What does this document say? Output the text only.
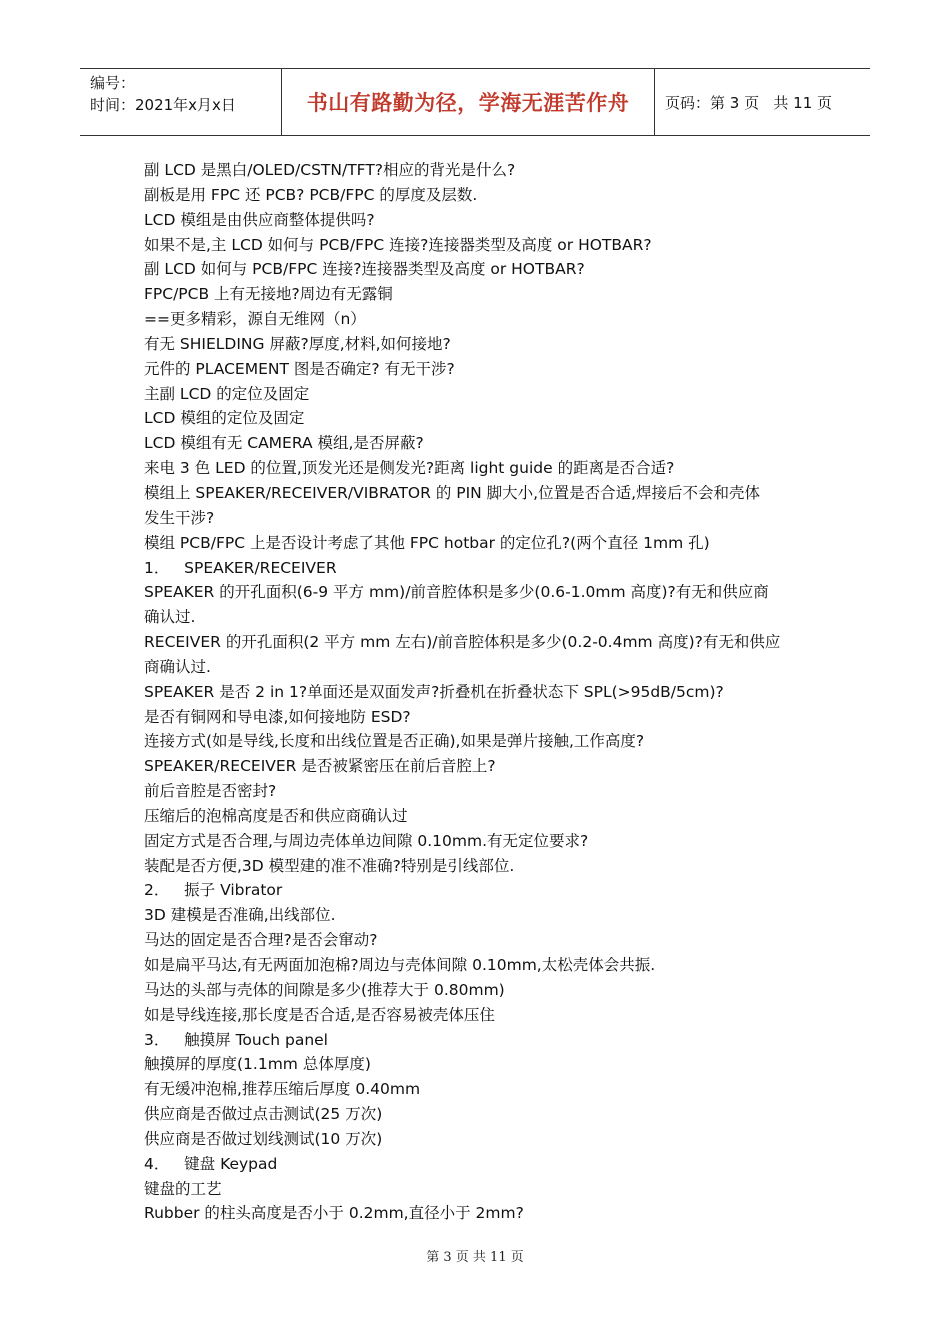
编号：
时间：2021年x月x日	书山有路勤为径，学海无涯苦作舟	页码：第 3 页   共 11 页
副 LCD 是黑白/OLED/CSTN/TFT?相应的背光是什么?
副板是用 FPC 还 PCB? PCB/FPC 的厚度及层数.
LCD 模组是由供应商整体提供吗?
如果不是,主 LCD 如何与 PCB/FPC 连接?连接器类型及高度 or HOTBAR?
副 LCD 如何与 PCB/FPC 连接?连接器类型及高度 or HOTBAR?
FPC/PCB 上有无接地?周边有无露铜
==更多精彩，源自无维网（n）
有无 SHIELDING 屏蔽?厚度,材料,如何接地?
元件的 PLACEMENT 图是否确定? 有无干涉?
主副 LCD 的定位及固定
LCD 模组的定位及固定
LCD 模组有无 CAMERA 模组,是否屏蔽?
来电 3 色 LED 的位置,顶发光还是侧发光?距离 light guide 的距离是否合适?
模组上 SPEAKER/RECEIVER/VIBRATOR 的 PIN 脚大小,位置是否合适,焊接后不会和壳体
发生干涉?
模组 PCB/FPC 上是否设计考虑了其他 FPC hotbar 的定位孔?(两个直径 1mm 孔)
1．   SPEAKER/RECEIVER
SPEAKER 的开孔面积(6-9 平方 mm)/前音腔体积是多少(0.6-1.0mm 高度)?有无和供应商
确认过.
RECEIVER 的开孔面积(2 平方 mm 左右)/前音腔体积是多少(0.2-0.4mm 高度)?有无和供应
商确认过.
SPEAKER 是否 2 in 1?单面还是双面发声?折叠机在折叠状态下 SPL(>95dB/5cm)?
是否有铜网和导电漆,如何接地防 ESD?
连接方式(如是导线,长度和出线位置是否正确),如果是弹片接触,工作高度?
SPEAKER/RECEIVER 是否被紧密压在前后音腔上?
前后音腔是否密封?
压缩后的泡棉高度是否和供应商确认过
固定方式是否合理,与周边壳体单边间隙 0.10mm.有无定位要求?
装配是否方便,3D 模型建的准不准确?特别是引线部位.
2．   振子 Vibrator
3D 建模是否准确,出线部位.
马达的固定是否合理?是否会窜动?
如是扁平马达,有无两面加泡棉?周边与壳体间隙 0.10mm,太松壳体会共振.
马达的头部与壳体的间隙是多少(推荐大于 0.80mm)
如是导线连接,那长度是否合适,是否容易被壳体压住
3．   触摸屏 Touch panel
触摸屏的厚度(1.1mm 总体厚度)
有无缓冲泡棉,推荐压缩后厚度 0.40mm
供应商是否做过点击测试(25 万次)
供应商是否做过划线测试(10 万次)
4．   键盘 Keypad
键盘的工艺
Rubber 的柱头高度是否小于 0.2mm,直径小于 2mm?
第 3 页 共 11 页
